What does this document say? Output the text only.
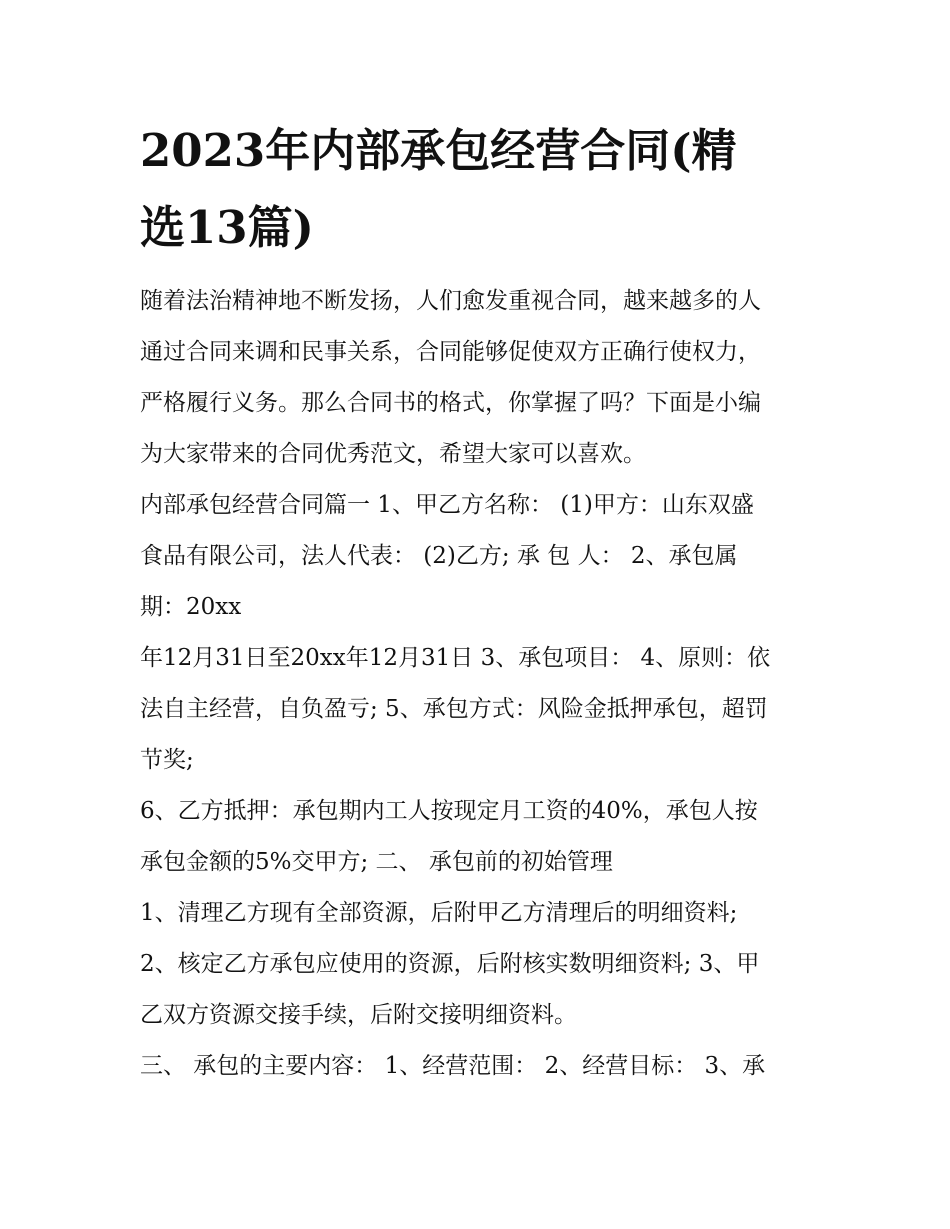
2023年内部承包经营合同(精
选13篇)

随着法治精神地不断发扬，人们愈发重视合同，越来越多的人
通过合同来调和民事关系，合同能够促使双方正确行使权力，
严格履行义务。那么合同书的格式，你掌握了吗？下面是小编
为大家带来的合同优秀范文，希望大家可以喜欢。

内部承包经营合同篇一 1、甲乙方名称： (1)甲方：山东双盛
食品有限公司，法人代表： (2)乙方; 承 包 人： 2、承包属
期：20xx

年12月31日至20xx年12月31日 3、承包项目： 4、原则：依
法自主经营，自负盈亏; 5、承包方式：风险金抵押承包，超罚
节奖;

6、乙方抵押：承包期内工人按现定月工资的40%，承包人按
承包金额的5%交甲方; 二、 承包前的初始管理

1、清理乙方现有全部资源，后附甲乙方清理后的明细资料;

2、核定乙方承包应使用的资源，后附核实数明细资料; 3、甲
乙双方资源交接手续，后附交接明细资料。

三、 承包的主要内容： 1、经营范围： 2、经营目标： 3、承
